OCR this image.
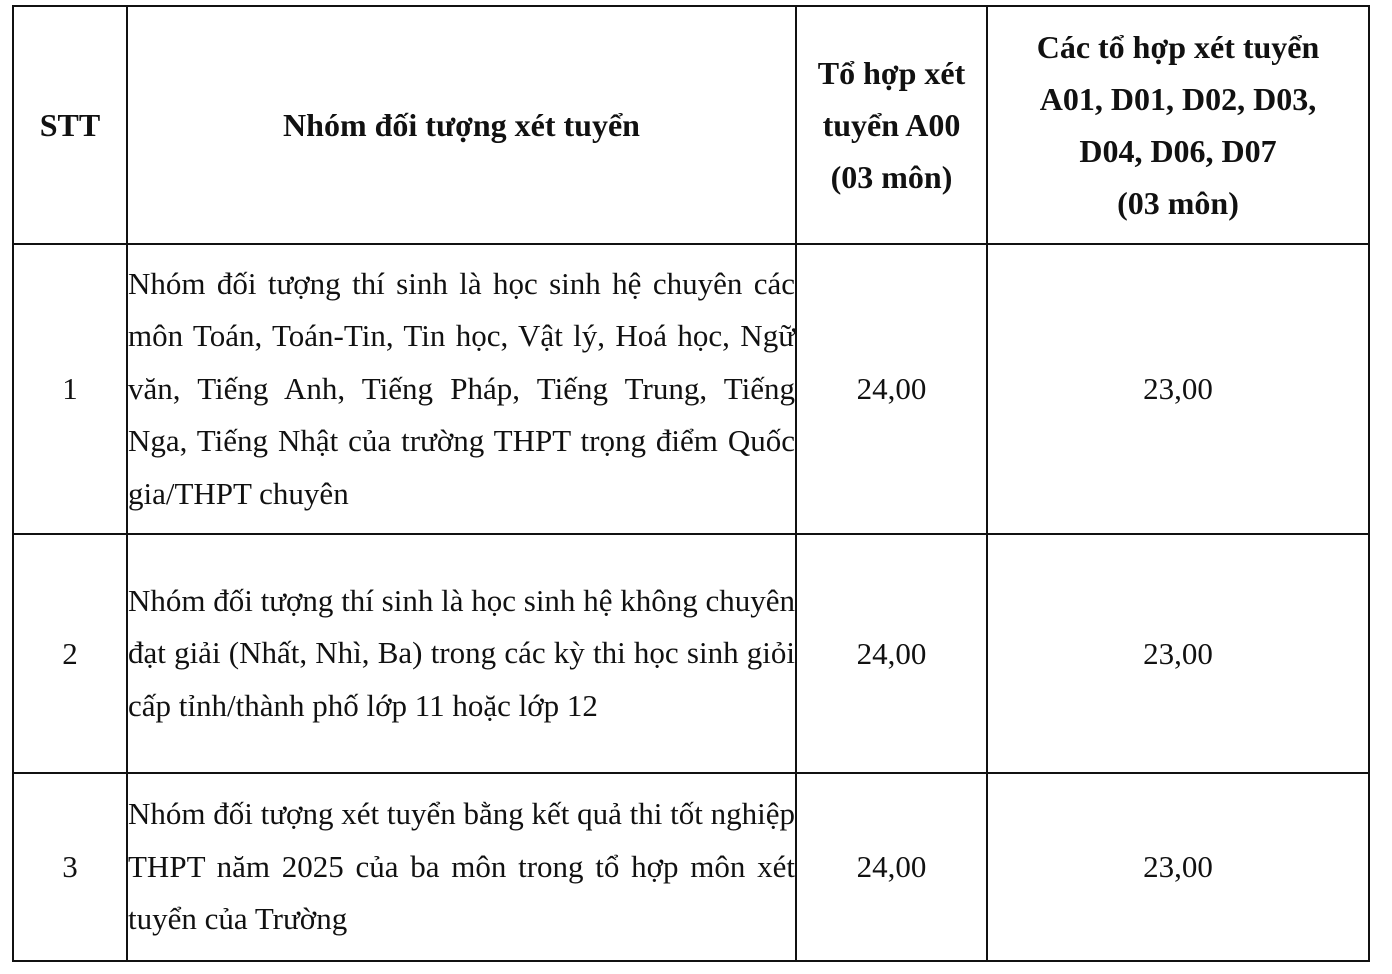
STT	Nhóm đối tượng xét tuyển	Tổ hợp xét
tuyển A00
(03 môn)	Các tổ hợp xét tuyển
A01, D01, D02, D03,
D04, D06, D07
(03 môn)

1	Nhóm đối tượng thí sinh là học sinh hệ chuyên các môn Toán, Toán-Tin, Tin học, Vật lý, Hoá học, Ngữ văn, Tiếng Anh, Tiếng Pháp, Tiếng Trung, Tiếng Nga, Tiếng Nhật của trường THPT trọng điểm Quốc gia/THPT chuyên	24,00	23,00
2	Nhóm đối tượng thí sinh là học sinh hệ không chuyên đạt giải (Nhất, Nhì, Ba) trong các kỳ thi học sinh giỏi cấp tỉnh/thành phố lớp 11 hoặc lớp 12	24,00	23,00
3	Nhóm đối tượng xét tuyển bằng kết quả thi tốt nghiệp THPT năm 2025 của ba môn trong tổ hợp môn xét tuyển của Trường	24,00	23,00
